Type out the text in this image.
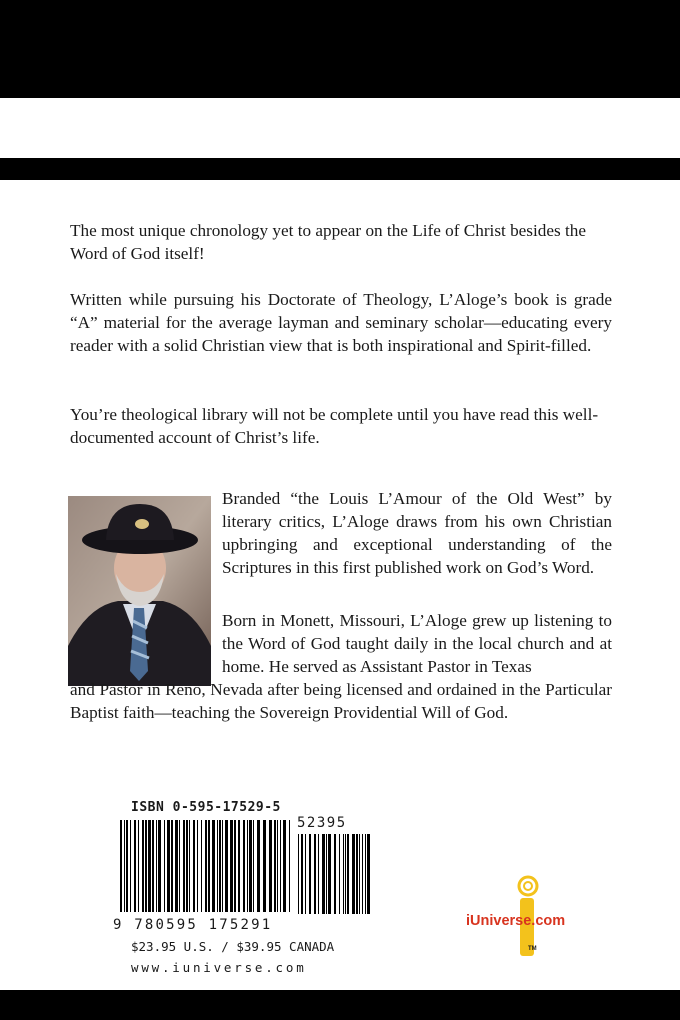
The most unique chronology yet to appear on the Life of Christ besides the Word of God itself!

Written while pursuing his Doctorate of Theology, L’Aloge’s book is grade “A” material for the average layman and seminary scholar—educating every reader with a solid Christian view that is both inspirational and Spirit-filled.

You’re theological library will not be complete until you have read this well-documented account of Christ’s life.

Branded “the Louis L’Amour of the Old West” by literary critics, L’Aloge draws from his own Christian upbringing and exceptional understanding of the Scriptures in this first published work on God’s Word.

Born in Monett, Missouri, L’Aloge grew up listening to the Word of God taught daily in the local church and at home. He served as Assistant Pastor in Texas

and Pastor in Reno, Nevada after being licensed and ordained in the Particular Baptist faith—teaching the Sovereign Providential Will of God.

ISBN 0-595-17529-5
9 780595 175291
52395
$23.95 U.S. / $39.95 CANADA
www.iuniverse.com
iUniverse.com
TM
